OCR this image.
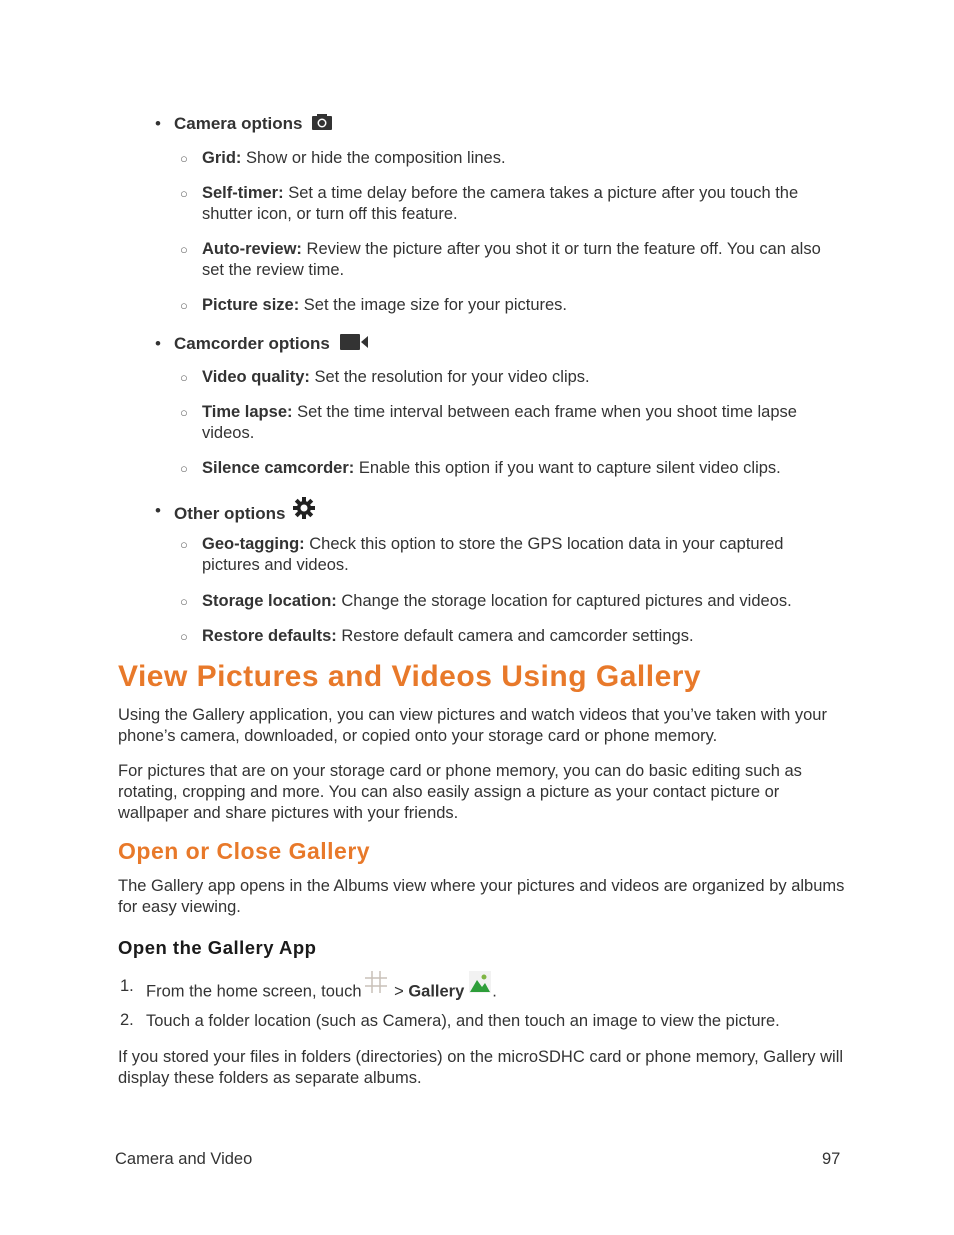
• Camera options
○ Grid: Show or hide the composition lines.
○ Self-timer: Set a time delay before the camera takes a picture after you touch the shutter icon, or turn off this feature.
○ Auto-review: Review the picture after you shot it or turn the feature off. You can also set the review time.
○ Picture size: Set the image size for your pictures.
• Camcorder options
○ Video quality: Set the resolution for your video clips.
○ Time lapse: Set the time interval between each frame when you shoot time lapse videos.
○ Silence camcorder: Enable this option if you want to capture silent video clips.
• Other options
○ Geo-tagging: Check this option to store the GPS location data in your captured pictures and videos.
○ Storage location: Change the storage location for captured pictures and videos.
○ Restore defaults: Restore default camera and camcorder settings.
View Pictures and Videos Using Gallery
Using the Gallery application, you can view pictures and watch videos that you’ve taken with your phone’s camera, downloaded, or copied onto your storage card or phone memory.
For pictures that are on your storage card or phone memory, you can do basic editing such as rotating, cropping and more. You can also easily assign a picture as your contact picture or wallpaper and share pictures with your friends.
Open or Close Gallery
The Gallery app opens in the Albums view where your pictures and videos are organized by albums for easy viewing.
Open the Gallery App
1. From the home screen, touch > Gallery .
2. Touch a folder location (such as Camera), and then touch an image to view the picture.
If you stored your files in folders (directories) on the microSDHC card or phone memory, Gallery will display these folders as separate albums.
Camera and Video	97
